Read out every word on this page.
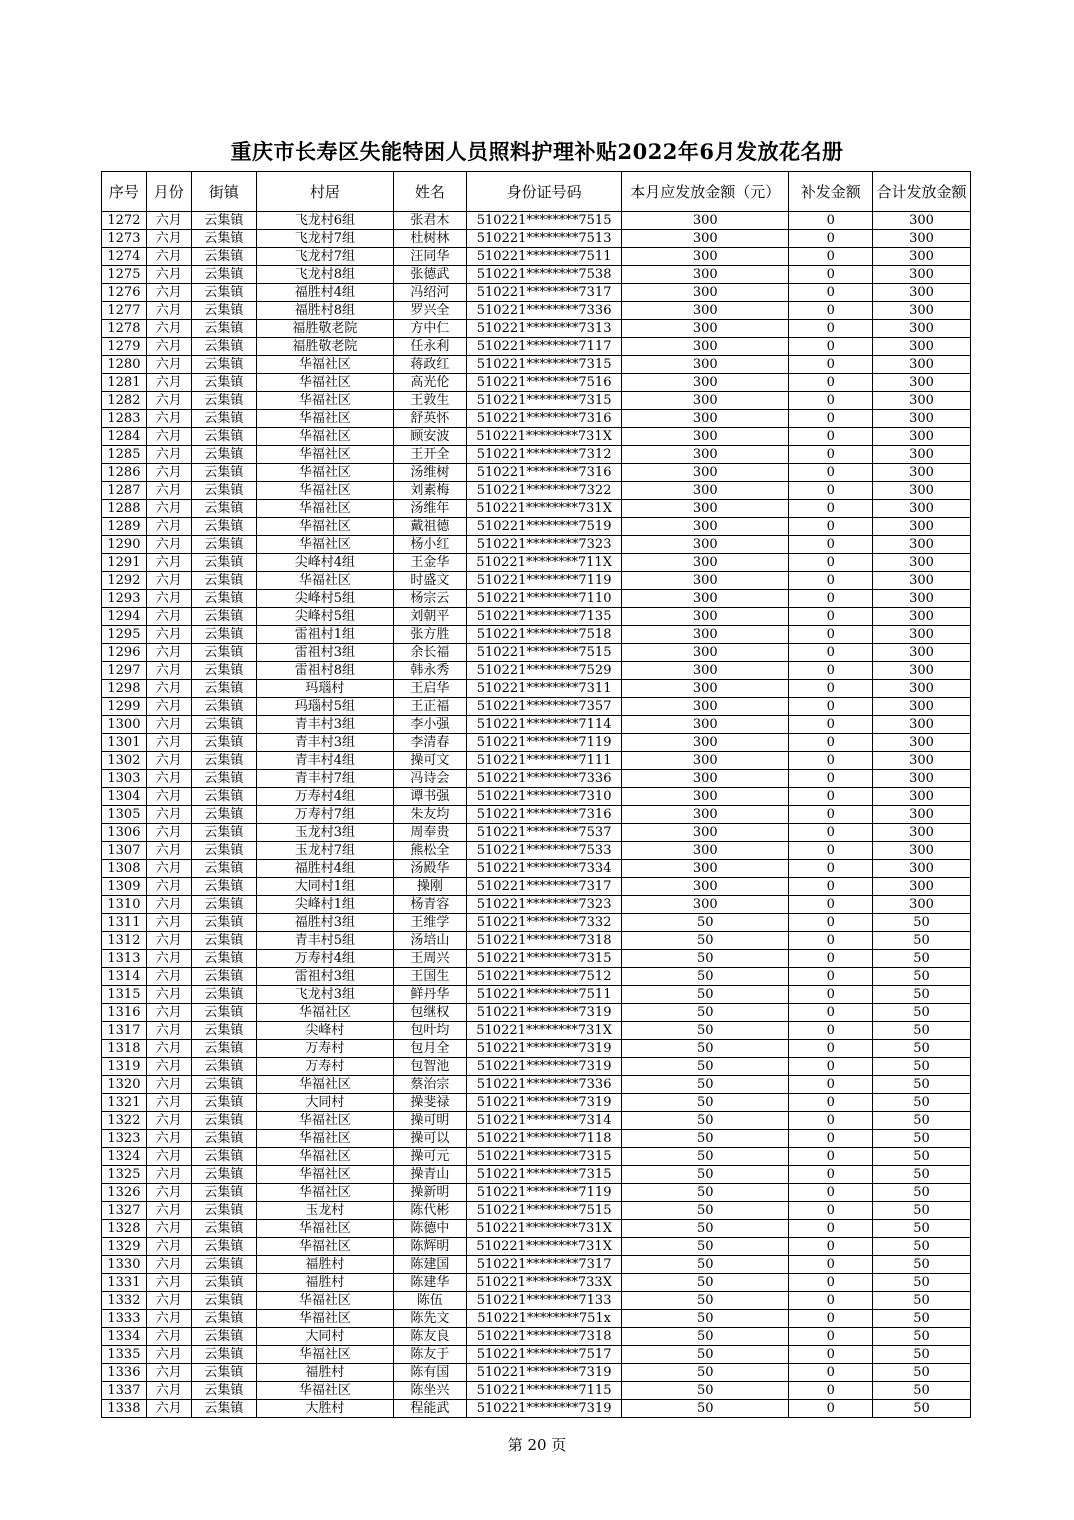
重庆市长寿区失能特困人员照料护理补贴2022年6月发放花名册
序号	月份	街镇	村居	姓名	身份证号码	本月应发放金额（元）	补发金额	合计发放金额
1272	六月	云集镇	飞龙村6组	张君木	510221********7515	300	0	300
1273	六月	云集镇	飞龙村7组	杜树林	510221********7513	300	0	300
1274	六月	云集镇	飞龙村7组	汪同华	510221********7511	300	0	300
1275	六月	云集镇	飞龙村8组	张德武	510221********7538	300	0	300
1276	六月	云集镇	福胜村4组	冯绍河	510221********7317	300	0	300
1277	六月	云集镇	福胜村8组	罗兴全	510221********7336	300	0	300
1278	六月	云集镇	福胜敬老院	方中仁	510221********7313	300	0	300
1279	六月	云集镇	福胜敬老院	任永利	510221********7117	300	0	300
1280	六月	云集镇	华福社区	蒋政红	510221********7315	300	0	300
1281	六月	云集镇	华福社区	高光伦	510221********7516	300	0	300
1282	六月	云集镇	华福社区	王敦生	510221********7315	300	0	300
1283	六月	云集镇	华福社区	舒英怀	510221********7316	300	0	300
1284	六月	云集镇	华福社区	顾安波	510221********731X	300	0	300
1285	六月	云集镇	华福社区	王开全	510221********7312	300	0	300
1286	六月	云集镇	华福社区	汤维树	510221********7316	300	0	300
1287	六月	云集镇	华福社区	刘素梅	510221********7322	300	0	300
1288	六月	云集镇	华福社区	汤维年	510221********731X	300	0	300
1289	六月	云集镇	华福社区	戴祖德	510221********7519	300	0	300
1290	六月	云集镇	华福社区	杨小红	510221********7323	300	0	300
1291	六月	云集镇	尖峰村4组	王金华	510221********711X	300	0	300
1292	六月	云集镇	华福社区	时盛文	510221********7119	300	0	300
1293	六月	云集镇	尖峰村5组	杨宗云	510221********7110	300	0	300
1294	六月	云集镇	尖峰村5组	刘朝平	510221********7135	300	0	300
1295	六月	云集镇	雷祖村1组	张方胜	510221********7518	300	0	300
1296	六月	云集镇	雷祖村3组	余长福	510221********7515	300	0	300
1297	六月	云集镇	雷祖村8组	韩永秀	510221********7529	300	0	300
1298	六月	云集镇	玛瑙村	王启华	510221********7311	300	0	300
1299	六月	云集镇	玛瑙村5组	王正福	510221********7357	300	0	300
1300	六月	云集镇	青丰村3组	李小强	510221********7114	300	0	300
1301	六月	云集镇	青丰村3组	李清春	510221********7119	300	0	300
1302	六月	云集镇	青丰村4组	操可文	510221********7111	300	0	300
1303	六月	云集镇	青丰村7组	冯诗会	510221********7336	300	0	300
1304	六月	云集镇	万寿村4组	谭书强	510221********7310	300	0	300
1305	六月	云集镇	万寿村7组	朱友均	510221********7316	300	0	300
1306	六月	云集镇	玉龙村3组	周奉贵	510221********7537	300	0	300
1307	六月	云集镇	玉龙村7组	熊松全	510221********7533	300	0	300
1308	六月	云集镇	福胜村4组	汤殿华	510221********7334	300	0	300
1309	六月	云集镇	大同村1组	操刚	510221********7317	300	0	300
1310	六月	云集镇	尖峰村1组	杨青容	510221********7323	300	0	300
1311	六月	云集镇	福胜村3组	王维学	510221********7332	50	0	50
1312	六月	云集镇	青丰村5组	汤培山	510221********7318	50	0	50
1313	六月	云集镇	万寿村4组	王周兴	510221********7315	50	0	50
1314	六月	云集镇	雷祖村3组	王国生	510221********7512	50	0	50
1315	六月	云集镇	飞龙村3组	鲜丹华	510221********7511	50	0	50
1316	六月	云集镇	华福社区	包继权	510221********7319	50	0	50
1317	六月	云集镇	尖峰村	包叶均	510221********731X	50	0	50
1318	六月	云集镇	万寿村	包月全	510221********7319	50	0	50
1319	六月	云集镇	万寿村	包智池	510221********7319	50	0	50
1320	六月	云集镇	华福社区	蔡治宗	510221********7336	50	0	50
1321	六月	云集镇	大同村	操斐禄	510221********7319	50	0	50
1322	六月	云集镇	华福社区	操可明	510221********7314	50	0	50
1323	六月	云集镇	华福社区	操可以	510221********7118	50	0	50
1324	六月	云集镇	华福社区	操可元	510221********7315	50	0	50
1325	六月	云集镇	华福社区	操青山	510221********7315	50	0	50
1326	六月	云集镇	华福社区	操新明	510221********7119	50	0	50
1327	六月	云集镇	玉龙村	陈代彬	510221********7515	50	0	50
1328	六月	云集镇	华福社区	陈德中	510221********731X	50	0	50
1329	六月	云集镇	华福社区	陈辉明	510221********731X	50	0	50
1330	六月	云集镇	福胜村	陈建国	510221********7317	50	0	50
1331	六月	云集镇	福胜村	陈建华	510221********733X	50	0	50
1332	六月	云集镇	华福社区	陈伍	510221********7133	50	0	50
1333	六月	云集镇	华福社区	陈先文	510221********751x	50	0	50
1334	六月	云集镇	大同村	陈友良	510221********7318	50	0	50
1335	六月	云集镇	华福社区	陈友于	510221********7517	50	0	50
1336	六月	云集镇	福胜村	陈有国	510221********7319	50	0	50
1337	六月	云集镇	华福社区	陈坐兴	510221********7115	50	0	50
1338	六月	云集镇	大胜村	程能武	510221********7319	50	0	50
第 20 页
